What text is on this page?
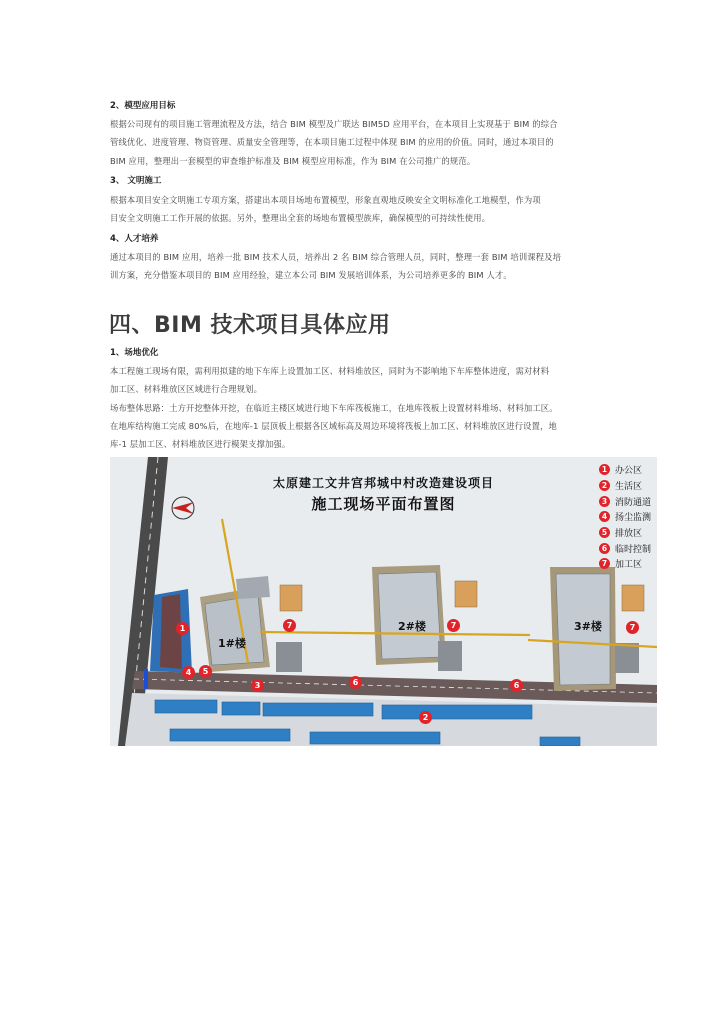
2、模型应用目标
根据公司现有的项目施工管理流程及方法，结合 BIM 模型及广联达 BIM5D 应用平台，在本项目上实现基于 BIM 的综合
管线优化、进度管理、物资管理、质量安全管理等，在本项目施工过程中体现 BIM 的应用的价值。同时，通过本项目的
BIM 应用，整理出一套模型的审查维护标准及 BIM 模型应用标准，作为 BIM 在公司推广的规范。
3、 文明施工
根据本项目安全文明施工专项方案，搭建出本项目场地布置模型，形象直观地反映安全文明标准化工地模型，作为项
目安全文明施工工作开展的依据。另外，整理出全套的场地布置模型族库，确保模型的可持续性使用。
4、人才培养
通过本项目的 BIM 应用，培养一批 BIM 技术人员，培养出 2 名 BIM 综合管理人员，同时，整理一套 BIM 培训课程及培
训方案，充分借鉴本项目的 BIM 应用经验，建立本公司 BIM 发展培训体系，为公司培养更多的 BIM 人才。
四、BIM 技术项目具体应用
1、场地优化
本工程施工现场有限，需利用拟建的地下车库上设置加工区、材料堆放区，同时为不影响地下车库整体进度，需对材料
加工区、材料堆放区区域进行合理规划。
场布整体思路：土方开挖整体开挖，在临近主楼区域进行地下车库筏板施工，在地库筏板上设置材料堆场、材料加工区。
在地库结构施工完成 80%后，在地库-1 层顶板上根据各区域标高及周边环境将筏板上加工区、材料堆放区进行设置，地
库-1 层加工区、材料堆放区进行模架支撑加强。
太原建工文井宫邦城中村改造建设项目
施工现场平面布置图
1 办公区
2 生活区
3 消防通道
4 扬尘监测
5 排放区
6 临时控制
7 加工区
1#楼
2#楼	3#楼
1	7	7	7
4	5
3	6	6
2
